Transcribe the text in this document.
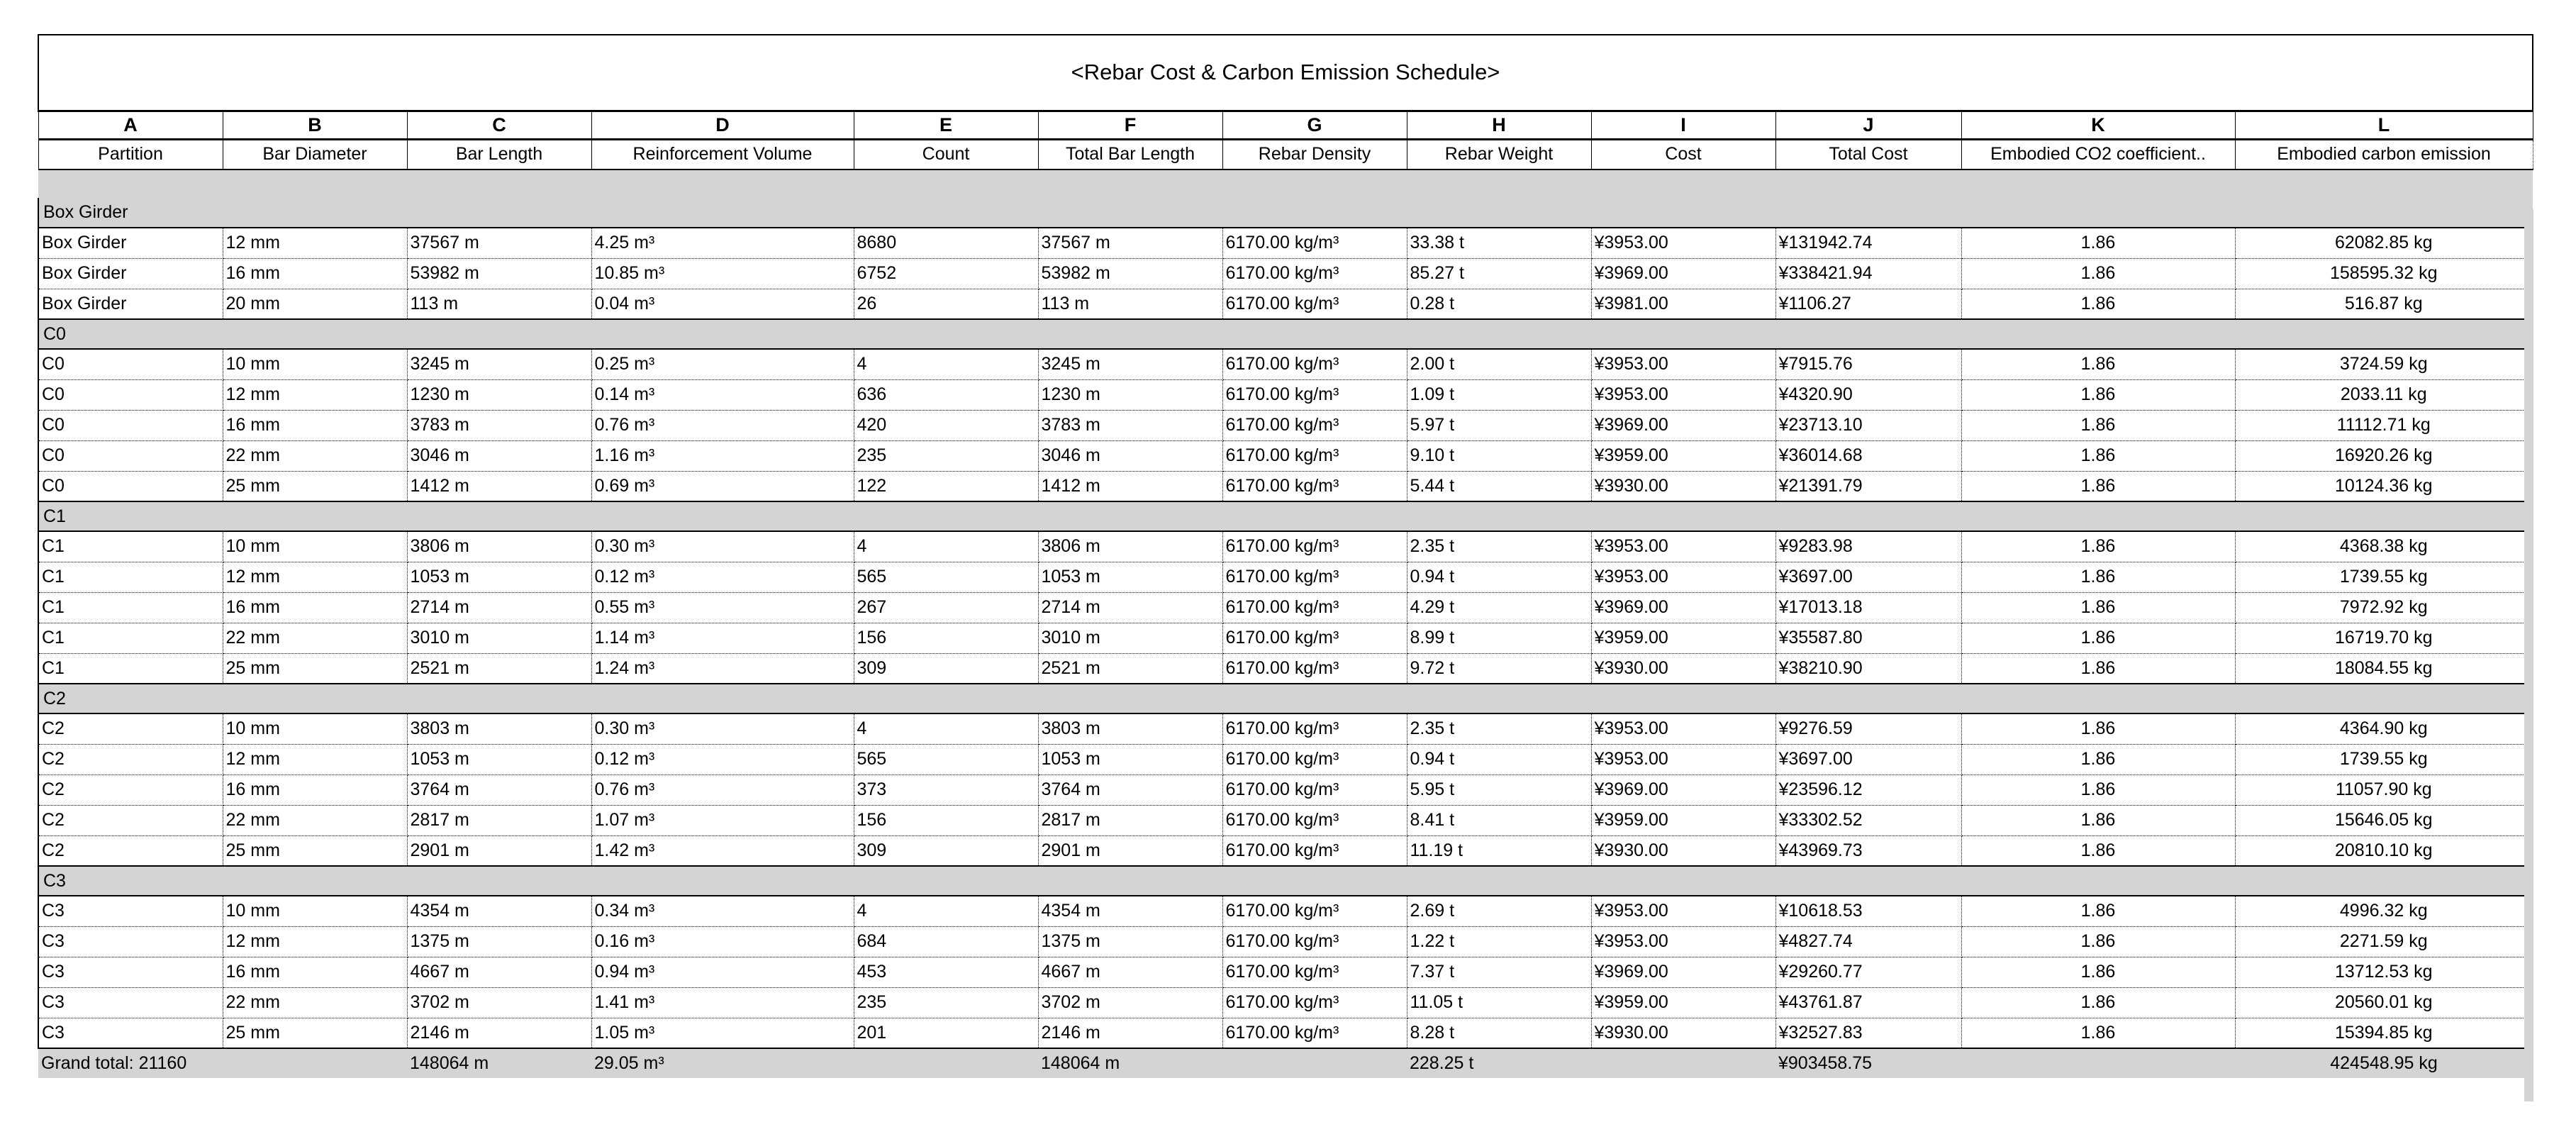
<Rebar Cost & Carbon Emission Schedule>											
A	B	C	D	E	F	G	H	I	J	K	L
Partition	Bar Diameter	Bar Length	Reinforcement Volume	Count	Total Bar Length	Rebar Density	Rebar Weight	Cost	Total Cost	Embodied CO2 coefficient..	Embodied carbon emission

Box Girder											
Box Girder	12 mm	37567 m	4.25 m³	8680	37567 m	6170.00 kg/m³	33.38 t	¥3953.00	¥131942.74	1.86	62082.85 kg
Box Girder	16 mm	53982 m	10.85 m³	6752	53982 m	6170.00 kg/m³	85.27 t	¥3969.00	¥338421.94	1.86	158595.32 kg
Box Girder	20 mm	113 m	0.04 m³	26	113 m	6170.00 kg/m³	0.28 t	¥3981.00	¥1106.27	1.86	516.87 kg
C0											
C0	10 mm	3245 m	0.25 m³	4	3245 m	6170.00 kg/m³	2.00 t	¥3953.00	¥7915.76	1.86	3724.59 kg
C0	12 mm	1230 m	0.14 m³	636	1230 m	6170.00 kg/m³	1.09 t	¥3953.00	¥4320.90	1.86	2033.11 kg
C0	16 mm	3783 m	0.76 m³	420	3783 m	6170.00 kg/m³	5.97 t	¥3969.00	¥23713.10	1.86	11112.71 kg
C0	22 mm	3046 m	1.16 m³	235	3046 m	6170.00 kg/m³	9.10 t	¥3959.00	¥36014.68	1.86	16920.26 kg
C0	25 mm	1412 m	0.69 m³	122	1412 m	6170.00 kg/m³	5.44 t	¥3930.00	¥21391.79	1.86	10124.36 kg
C1											
C1	10 mm	3806 m	0.30 m³	4	3806 m	6170.00 kg/m³	2.35 t	¥3953.00	¥9283.98	1.86	4368.38 kg
C1	12 mm	1053 m	0.12 m³	565	1053 m	6170.00 kg/m³	0.94 t	¥3953.00	¥3697.00	1.86	1739.55 kg
C1	16 mm	2714 m	0.55 m³	267	2714 m	6170.00 kg/m³	4.29 t	¥3969.00	¥17013.18	1.86	7972.92 kg
C1	22 mm	3010 m	1.14 m³	156	3010 m	6170.00 kg/m³	8.99 t	¥3959.00	¥35587.80	1.86	16719.70 kg
C1	25 mm	2521 m	1.24 m³	309	2521 m	6170.00 kg/m³	9.72 t	¥3930.00	¥38210.90	1.86	18084.55 kg
C2											
C2	10 mm	3803 m	0.30 m³	4	3803 m	6170.00 kg/m³	2.35 t	¥3953.00	¥9276.59	1.86	4364.90 kg
C2	12 mm	1053 m	0.12 m³	565	1053 m	6170.00 kg/m³	0.94 t	¥3953.00	¥3697.00	1.86	1739.55 kg
C2	16 mm	3764 m	0.76 m³	373	3764 m	6170.00 kg/m³	5.95 t	¥3969.00	¥23596.12	1.86	11057.90 kg
C2	22 mm	2817 m	1.07 m³	156	2817 m	6170.00 kg/m³	8.41 t	¥3959.00	¥33302.52	1.86	15646.05 kg
C2	25 mm	2901 m	1.42 m³	309	2901 m	6170.00 kg/m³	11.19 t	¥3930.00	¥43969.73	1.86	20810.10 kg
C3											
C3	10 mm	4354 m	0.34 m³	4	4354 m	6170.00 kg/m³	2.69 t	¥3953.00	¥10618.53	1.86	4996.32 kg
C3	12 mm	1375 m	0.16 m³	684	1375 m	6170.00 kg/m³	1.22 t	¥3953.00	¥4827.74	1.86	2271.59 kg
C3	16 mm	4667 m	0.94 m³	453	4667 m	6170.00 kg/m³	7.37 t	¥3969.00	¥29260.77	1.86	13712.53 kg
C3	22 mm	3702 m	1.41 m³	235	3702 m	6170.00 kg/m³	11.05 t	¥3959.00	¥43761.87	1.86	20560.01 kg
C3	25 mm	2146 m	1.05 m³	201	2146 m	6170.00 kg/m³	8.28 t	¥3930.00	¥32527.83	1.86	15394.85 kg
Grand total: 21160		148064 m	29.05 m³		148064 m		228.25 t		¥903458.75		424548.95 kg
